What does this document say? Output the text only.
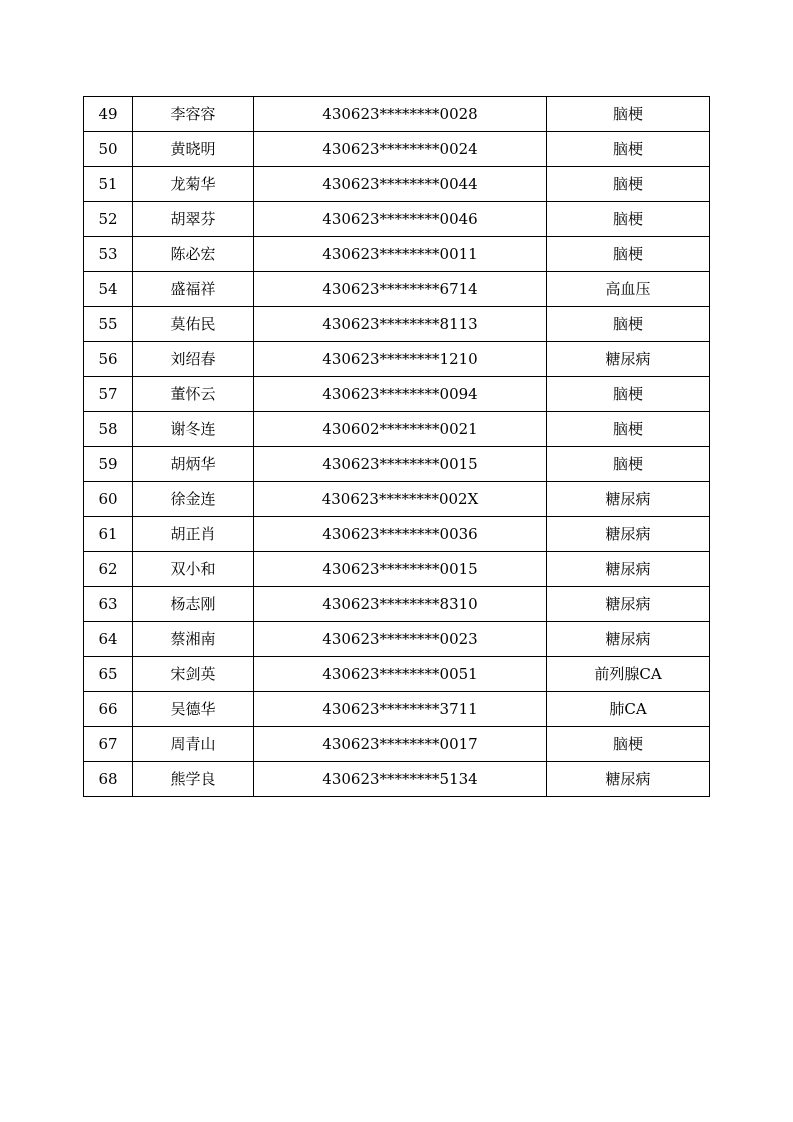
49	李容容	430623********0028	脑梗
50	黄晓明	430623********0024	脑梗
51	龙菊华	430623********0044	脑梗
52	胡翠芬	430623********0046	脑梗
53	陈必宏	430623********0011	脑梗
54	盛福祥	430623********6714	高血压
55	莫佑民	430623********8113	脑梗
56	刘绍春	430623********1210	糖尿病
57	董怀云	430623********0094	脑梗
58	谢冬连	430602********0021	脑梗
59	胡炳华	430623********0015	脑梗
60	徐金连	430623********002X	糖尿病
61	胡正肖	430623********0036	糖尿病
62	双小和	430623********0015	糖尿病
63	杨志刚	430623********8310	糖尿病
64	蔡湘南	430623********0023	糖尿病
65	宋剑英	430623********0051	前列腺CA
66	吴德华	430623********3711	肺CA
67	周青山	430623********0017	脑梗
68	熊学良	430623********5134	糖尿病
